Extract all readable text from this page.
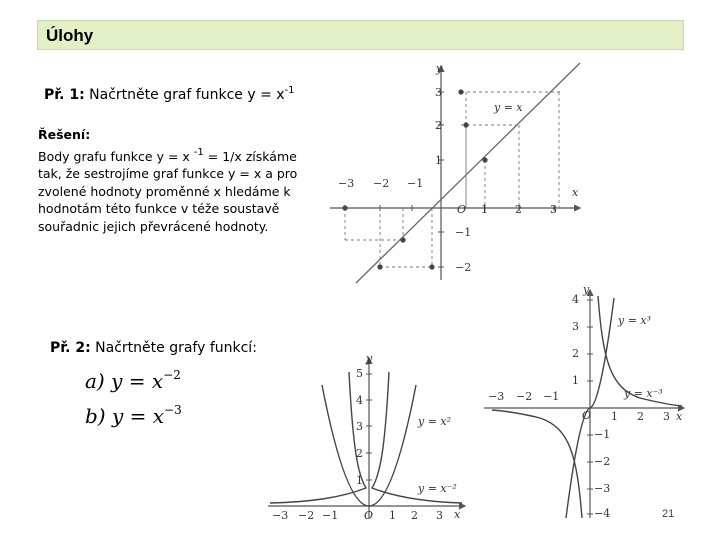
Úlohy
Př. 1: Načrtněte graf funkce $y = x^{-1}$
Řešení:
Body grafu funkce y = x $^{-1}$ = 1/x získáme
tak, že sestrojíme graf funkce y = x a pro
zvolené hodnoty proměnné x hledáme k
hodnotám této funkce v téže soustavě
souřadnic jejich převrácené hodnoty.
Př. 2: Načrtněte grafy funkcí:
a) $y = x^{-2}$
b) $y = x^{-3}$
y
x
O
y = x
−3 −2 −1
1 2	3
3
2
1
−1
−2
y
x
O
y = x²
y = x⁻²
−3 −2 −1	1 2 3
5
4
3
2
1
y
x
O
y = x³
y = x⁻³
−3 −2 −1
1 2 3
4
3
2
1
−1
−2
−3
−4	21
